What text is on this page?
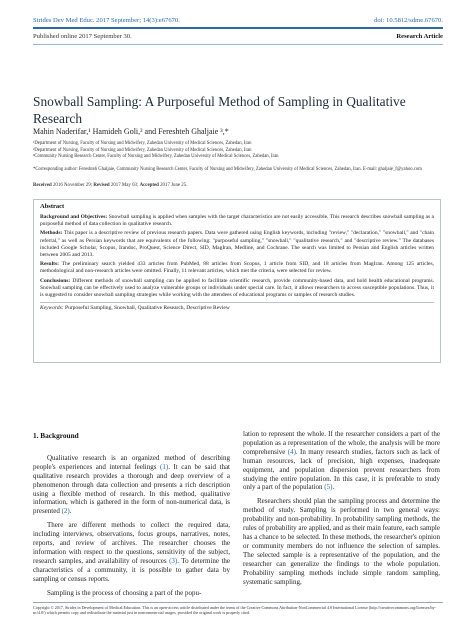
Strides Dev Med Educ. 2017 September; 14(3):e67670.	doi: 10.5812/sdme.67670.
Published online 2017 September 30.	Research Article
Snowball Sampling: A Purposeful Method of Sampling in Qualitative Research
Mahin Naderifar,¹ Hamideh Goli,² and Fereshteh Ghaljaie ³,*
¹Department of Nursing, Faculty of Nursing and Midwifery, Zahedan University of Medical Sciences, Zahedan, Iran
²Department of Nursing, Faculty of Nursing and Midwifery, Zahedan University of Medical Sciences, Zahedan, Iran
³Community Nursing Research Center, Faculty of Nursing and Midwifery, Zahedan University of Medical Sciences, Zahedan, Iran
*Corresponding author: Fereshteh Ghaljaie, Community Nursing Research Center, Faculty of Nursing and Midwifery, Zahedan University of Medical Sciences, Zahedan, Iran. E-mail: ghaljaie_f@yahoo.com
Received 2016 November 29; Revised 2017 May 03; Accepted 2017 June 25.
Abstract
Background and Objectives: Snowball sampling is applied when samples with the target characteristics are not easily accessible. This research describes snowball sampling as a purposeful method of data collection in qualitative research.
Methods: This paper is a descriptive review of previous research papers. Data were gathered using English keywords, including "review," "declaration," "snowball," and "chain referral," as well as Persian keywords that are equivalents of the following: "purposeful sampling," "snowball," "qualitative research," and "descriptive review." The databases included Google Scholar, Scopus, Irandoc, ProQuest, Science Direct, SID, MagIran, Medline, and Cochrane. The search was limited to Persian and English articles written between 2005 and 2013.
Results: The preliminary search yielded 433 articles from PubMed, 88 articles from Scopus, 1 article from SID, and 18 articles from MagIran. Among 125 articles, methodological and non-research articles were omitted. Finally, 11 relevant articles, which met the criteria, were selected for review.
Conclusions: Different methods of snowball sampling can be applied to facilitate scientific research, provide community-based data, and hold health educational programs. Snowball sampling can be effectively used to analyze vulnerable groups or individuals under special care. In fact, it allows researchers to access susceptible populations. Thus, it is suggested to consider snowball sampling strategies while working with the attendees of educational programs or samples of research studies.
Keywords: Purposeful Sampling, Snowball, Qualitative Research, Descriptive Review
1. Background

Qualitative research is an organized method of describing people's experiences and internal feelings (1). It can be said that qualitative research provides a thorough and deep overview of a phenomenon through data collection and presents a rich description using a flexible method of research. In this method, qualitative information, which is gathered in the form of non-numerical data, is presented (2).

There are different methods to collect the required data, including interviews, observations, focus groups, narratives, notes, reports, and review of archives. The researcher chooses the information with respect to the questions, sensitivity of the subject, research samples, and availability of resources (3). To determine the characteristics of a community, it is possible to gather data by sampling or census reports.

Sampling is the process of choosing a part of the popu-

lation to represent the whole. If the researcher considers a part of the population as a representation of the whole, the analysis will be more comprehensive (4). In many research studies, factors such as lack of human resources, lack of precision, high expenses, inadequate equipment, and population dispersion prevent researchers from studying the entire population. In this case, it is preferable to study only a part of the population (5).

Researchers should plan the sampling process and determine the method of study. Sampling is performed in two general ways: probability and non-probability. In probability sampling methods, the rules of probability are applied, and as their main feature, each sample has a chance to be selected. In these methods, the researcher's opinion or community members do not influence the selection of samples. The selected sample is a representative of the population, and the researcher can generalize the findings to the whole population. Probability sampling methods include simple random sampling, systematic sampling,

Copyright © 2017, Strides in Development of Medical Education. This is an open-access article distributed under the terms of the Creative Commons Attribution-NonCommercial 4.0 International License (http://creativecommons.org/licenses/by-nc/4.0/) which permits copy and redistribute the material just in noncommercial usages, provided the original work is properly cited.
